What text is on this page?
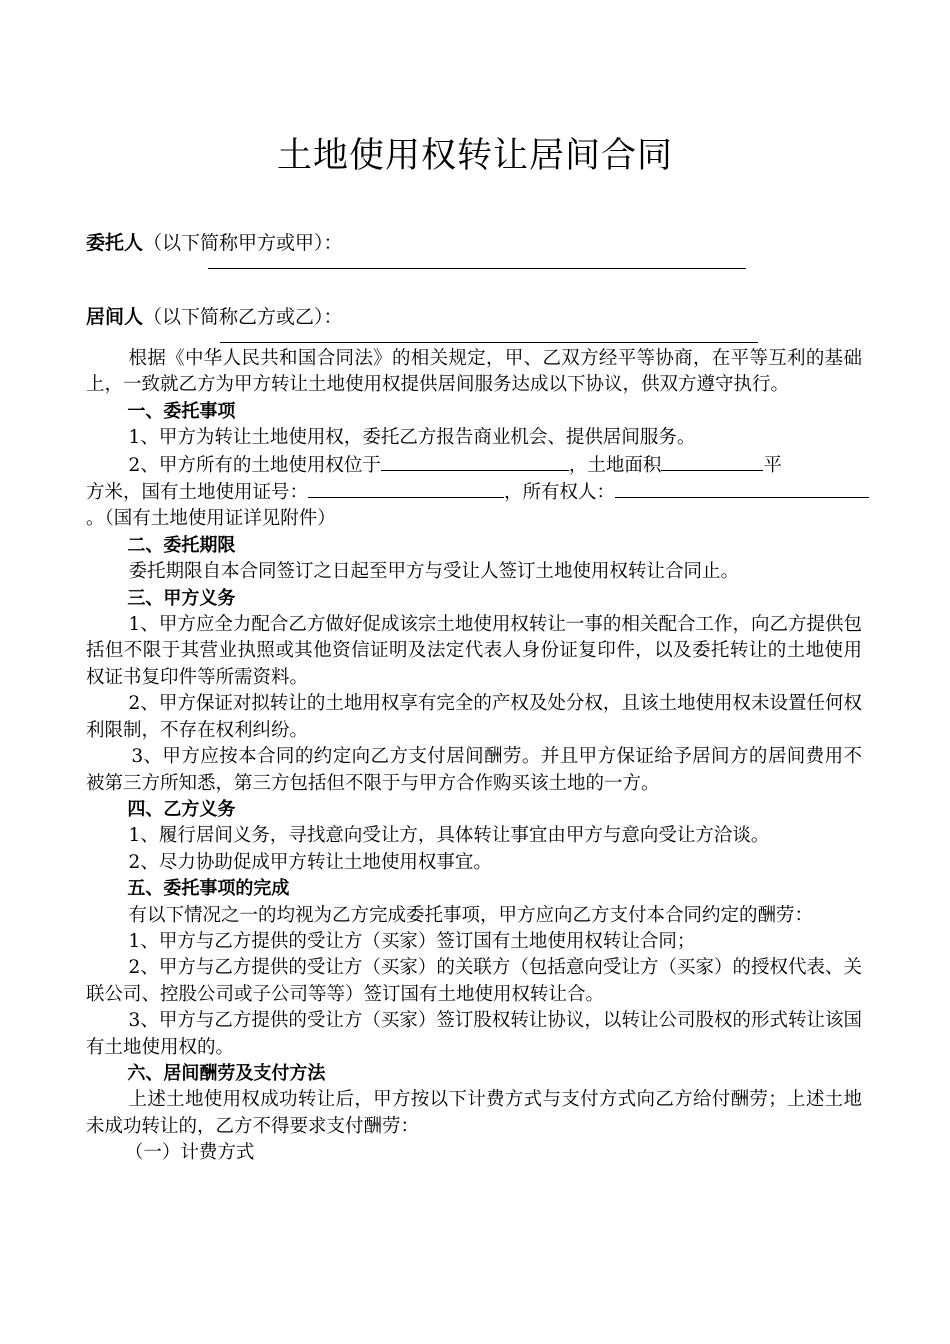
土地使用权转让居间合同
委托人（以下简称甲方或甲）：
居间人（以下简称乙方或乙）：

根据《中华人民共和国合同法》的相关规定，甲、乙双方经平等协商，在平等互利的基础上，一致就乙方为甲方转让土地使用权提供居间服务达成以下协议，供双方遵守执行。

一、委托事项

1、甲方为转让土地使用权，委托乙方报告商业机会、提供居间服务。

2、甲方所有的土地使用权位于	，土地面积	平

方米，国有土地使用证号：	，所有权人：

。（国有土地使用证详见附件）

二、委托期限

委托期限自本合同签订之日起至甲方与受让人签订土地使用权转让合同止。

三、甲方义务

1、甲方应全力配合乙方做好促成该宗土地使用权转让一事的相关配合工作，向乙方提供包括但不限于其营业执照或其他资信证明及法定代表人身份证复印件，以及委托转让的土地使用权证书复印件等所需资料。

2、甲方保证对拟转让的土地用权享有完全的产权及处分权，且该土地使用权未设置任何权利限制，不存在权利纠纷。

3、甲方应按本合同的约定向乙方支付居间酬劳。并且甲方保证给予居间方的居间费用不被第三方所知悉，第三方包括但不限于与甲方合作购买该土地的一方。

四、乙方义务

1、履行居间义务，寻找意向受让方，具体转让事宜由甲方与意向受让方洽谈。

2、尽力协助促成甲方转让土地使用权事宜。

五、委托事项的完成

有以下情况之一的均视为乙方完成委托事项，甲方应向乙方支付本合同约定的酬劳：

1、甲方与乙方提供的受让方（买家）签订国有土地使用权转让合同；

2、甲方与乙方提供的受让方（买家）的关联方（包括意向受让方（买家）的授权代表、关联公司、控股公司或子公司等等）签订国有土地使用权转让合。

3、甲方与乙方提供的受让方（买家）签订股权转让协议，以转让公司股权的形式转让该国有土地使用权的。

六、居间酬劳及支付方法

上述土地使用权成功转让后，甲方按以下计费方式与支付方式向乙方给付酬劳；上述土地未成功转让的，乙方不得要求支付酬劳：

（一）计费方式
